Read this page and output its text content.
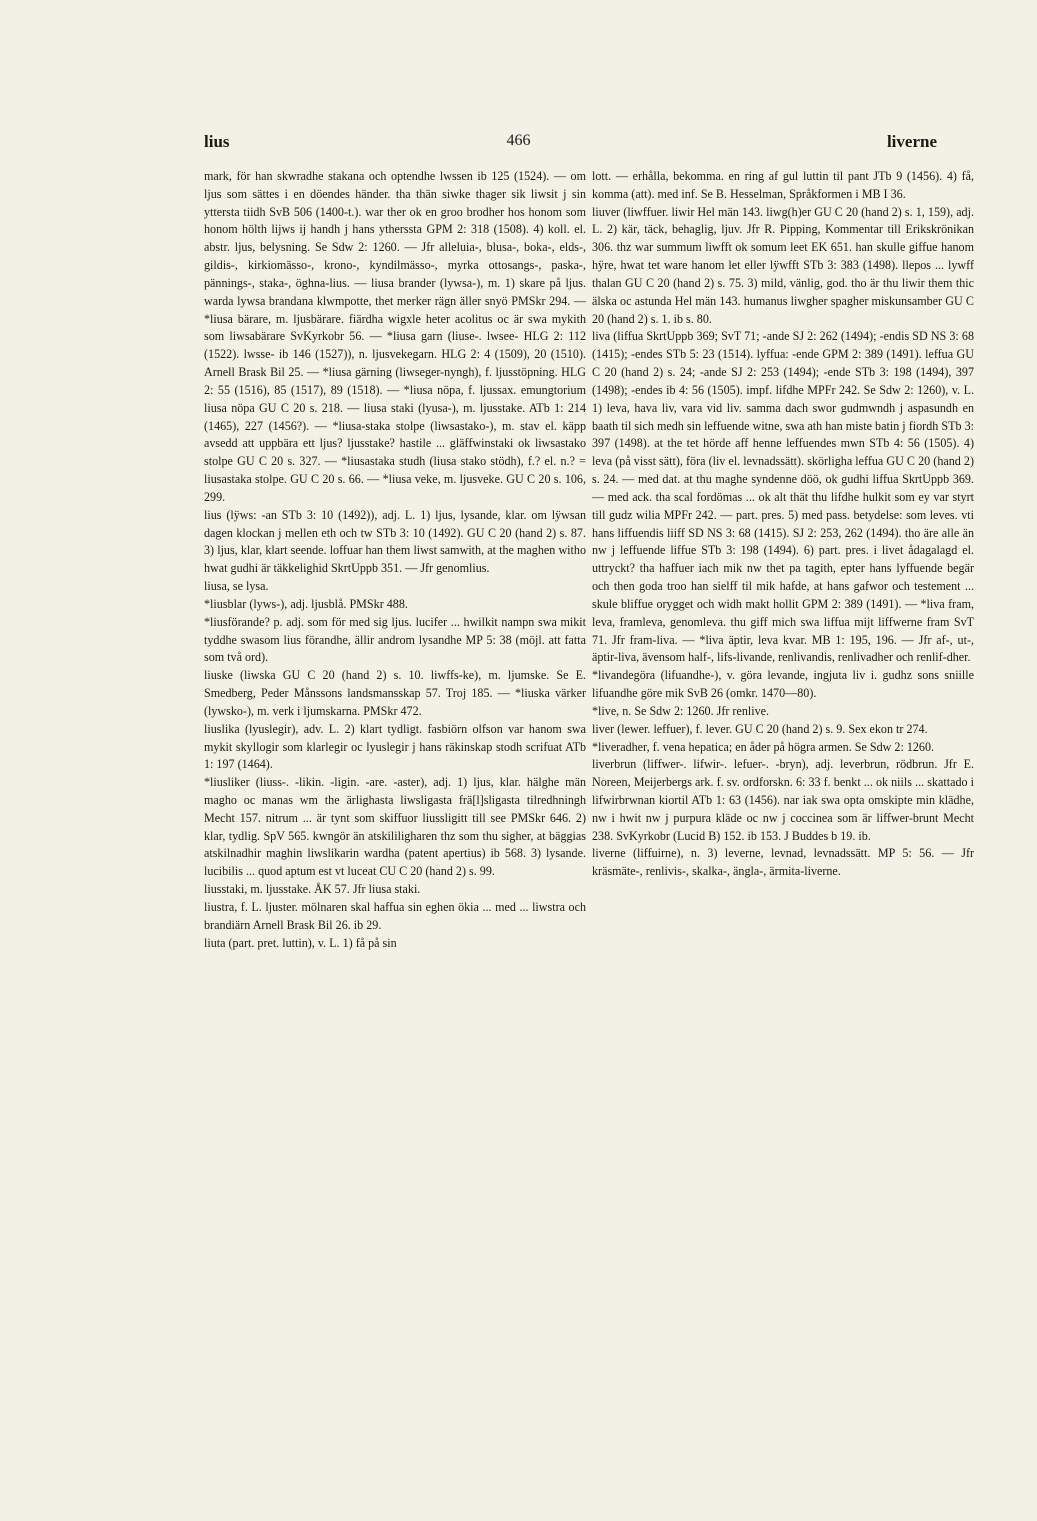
lius	466	liverne

mark, för han skwradhe stakana och optendhe lwssen ib 125 (1524). — om ljus som sättes i en döendes händer. tha thän siwke thager sik liwsit j sin yttersta tiidh SvB 506 (1400-t.). war ther ok en groo brodher hos honom som honom hölth lijws ij handh j hans ytherssta GPM 2: 318 (1508). 4) koll. el. abstr. ljus, belysning. Se Sdw 2: 1260. — Jfr alleluia-, blusa-, boka-, elds-, gildis-, kirkiomässo-, krono-, kyndilmässo-, myrka ottosangs-, paska-, pännings-, staka-, öghna-lius. — liusa brander (lywsa-), m. 1) skare på ljus. warda lywsa brandana klwmpotte, thet merker rägn äller snyö PMSkr 294. — *liusa bärare, m. ljusbärare. fiärdha wigxle heter acolitus oc är swa mykith som liwsabärare SvKyrkobr 56. — *liusa garn (liuse-. lwsee- HLG 2: 112 (1522). lwsse- ib 146 (1527)), n. ljusvekegarn. HLG 2: 4 (1509), 20 (1510). Arnell Brask Bil 25. — *liusa gärning (liwseger-nyngh), f. ljusstöpning. HLG 2: 55 (1516), 85 (1517), 89 (1518). — *liusa nöpa, f. ljussax. emungtorium liusa nöpa GU C 20 s. 218. — liusa staki (lyusa-), m. ljusstake. ATb 1: 214 (1465), 227 (1456?). — *liusa-staka stolpe (liwsastako-), m. stav el. käpp avsedd att uppbära ett ljus? ljusstake? hastile ... gläffwinstaki ok liwsastako stolpe GU C 20 s. 327. — *liusastaka studh (liusa stako stödh), f.? el. n.? = liusastaka stolpe. GU C 20 s. 66. — *liusa veke, m. ljusveke. GU C 20 s. 106, 299.

lius (lÿws: -an STb 3: 10 (1492)), adj. L. 1) ljus, lysande, klar. om lÿwsan dagen klockan j mellen eth och tw STb 3: 10 (1492). GU C 20 (hand 2) s. 87. 3) ljus, klar, klart seende. loffuar han them liwst samwith, at the maghen witho hwat gudhi är täkkelighid SkrtUppb 351. — Jfr genomlius.

liusa, se lysa.

*liusblar (lyws-), adj. ljusblå. PMSkr 488.

*liusförande? p. adj. som för med sig ljus. lucifer ... hwilkit nampn swa mikit tyddhe swasom lius förandhe, ällir androm lysandhe MP 5: 38 (möjl. att fatta som två ord).

liuske (liwska GU C 20 (hand 2) s. 10. liwffs-ke), m. ljumske. Se E. Smedberg, Peder Månssons landsmansskap 57. Troj 185. — *liuska värker (lywsko-), m. verk i ljumskarna. PMSkr 472.

liuslika (lyuslegir), adv. L. 2) klart tydligt. fasbiörn olfson var hanom swa mykit skyllogir som klarlegir oc lyuslegir j hans räkinskap stodh scrifuat ATb 1: 197 (1464).

*liusliker (liuss-. -likin. -ligin. -are. -aster), adj. 1) ljus, klar. hälghe män magho oc manas wm the ärlighasta liwsligasta frä[l]sligasta tilredhningh Mecht 157. nitrum ... är tynt som skiffuor liussligitt till see PMSkr 646. 2) klar, tydlig. SpV 565. kwngör än atskililigharen thz som thu sigher, at bäggias atskilnadhir maghin liwslikarin wardha (patent apertius) ib 568. 3) lysande. lucibilis ... quod aptum est vt luceat CU C 20 (hand 2) s. 99.

liusstaki, m. ljusstake. ÅK 57. Jfr liusa staki.

liustra, f. L. ljuster. mölnaren skal haffua sin eghen ökia ... med ... liwstra och brandiärn Arnell Brask Bil 26. ib 29.

liuta (part. pret. luttin), v. L. 1) få på sin

lott. — erhålla, bekomma. en ring af gul luttin til pant JTb 9 (1456). 4) få, komma (att). med inf. Se B. Hesselman, Språkformen i MB I 36.

liuver (liwffuer. liwir Hel män 143. liwg(h)er GU C 20 (hand 2) s. 1, 159), adj. L. 2) kär, täck, behaglig, ljuv. Jfr R. Pipping, Kommentar till Erikskrönikan 306. thz war summum liwfft ok somum leet EK 651. han skulle giffue hanom hÿre, hwat tet ware hanom let eller lÿwfft STb 3: 383 (1498). llepos ... lywff thalan GU C 20 (hand 2) s. 75. 3) mild, vänlig, god. tho är thu liwir them thic älska oc astunda Hel män 143. humanus liwgher spagher miskunsamber GU C 20 (hand 2) s. 1. ib s. 80.

liva (liffua SkrtUppb 369; SvT 71; -ande SJ 2: 262 (1494); -endis SD NS 3: 68 (1415); -endes STb 5: 23 (1514). lyffua: -ende GPM 2: 389 (1491). leffua GU C 20 (hand 2) s. 24; -ande SJ 2: 253 (1494); -ende STb 3: 198 (1494), 397 (1498); -endes ib 4: 56 (1505). impf. lifdhe MPFr 242. Se Sdw 2: 1260), v. L. 1) leva, hava liv, vara vid liv. samma dach swor gudmwndh j aspasundh en baath til sich medh sin leffuende witne, swa ath han miste batin j fiordh STb 3: 397 (1498). at the tet hörde aff henne leffuendes mwn STb 4: 56 (1505). 4) leva (på visst sätt), föra (liv el. levnadssätt). skörligha leffua GU C 20 (hand 2) s. 24. — med dat. at thu maghe syndenne döö, ok gudhi liffua SkrtUppb 369. — med ack. tha scal fordömas ... ok alt thät thu lifdhe hulkit som ey var styrt till gudz wilia MPFr 242. — part. pres. 5) med pass. betydelse: som leves. vti hans liffuendis liiff SD NS 3: 68 (1415). SJ 2: 253, 262 (1494). tho äre alle än nw j leffuende liffue STb 3: 198 (1494). 6) part. pres. i livet ådagalagd el. uttryckt? tha haffuer iach mik nw thet pa tagith, epter hans lyffuende begär och then goda troo han sielff til mik hafde, at hans gafwor och testement ... skule bliffue orygget och widh makt hollit GPM 2: 389 (1491). — *liva fram, leva, framleva, genomleva. thu giff mich swa liffua mijt liffwerne fram SvT 71. Jfr fram-liva. — *liva äptir, leva kvar. MB 1: 195, 196. — Jfr af-, ut-, äptir-liva, ävensom half-, lifs-livande, renlivandis, renlivadher och renlif-dher.

*livandegöra (lifuandhe-), v. göra levande, ingjuta liv i. gudhz sons sniille lifuandhe göre mik SvB 26 (omkr. 1470—80).

*live, n. Se Sdw 2: 1260. Jfr renlive.

liver (lewer. leffuer), f. lever. GU C 20 (hand 2) s. 9. Sex ekon tr 274.

*liveradher, f. vena hepatica; en åder på högra armen. Se Sdw 2: 1260.

liverbrun (liffwer-. lifwir-. lefuer-. -bryn), adj. leverbrun, rödbrun. Jfr E. Noreen, Meijerbergs ark. f. sv. ordforskn. 6: 33 f. benkt ... ok niils ... skattado i lifwirbrwnan kiortil ATb 1: 63 (1456). nar iak swa opta omskipte min klädhe, nw i hwit nw j purpura kläde oc nw j coccinea som är liffwer-brunt Mecht 238. SvKyrkobr (Lucid B) 152. ib 153. J Buddes b 19. ib.

liverne (liffuirne), n. 3) leverne, levnad, levnadssätt. MP 5: 56. — Jfr kräsmäte-, renlivis-, skalka-, ängla-, ärmita-liverne.
